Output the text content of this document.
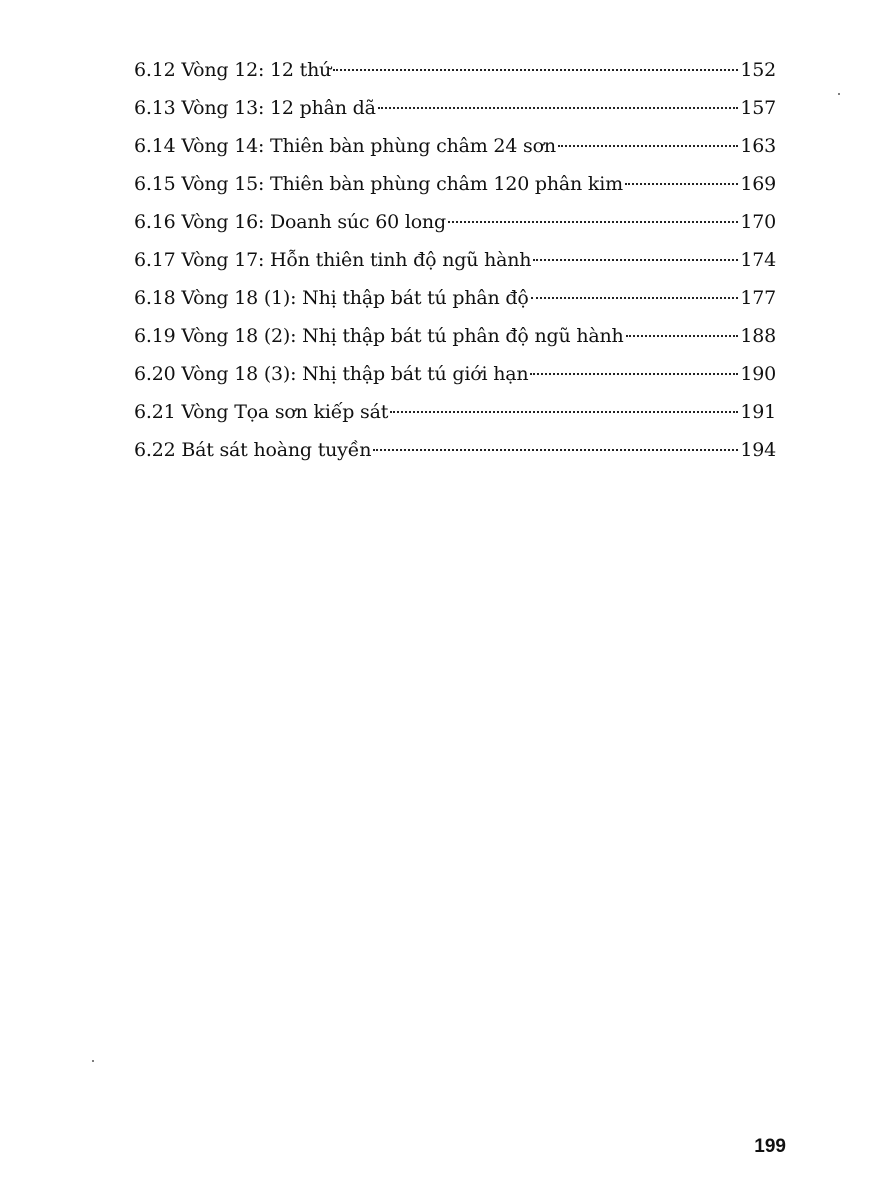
6.12 Vòng 12: 12 thứ	152
6.13 Vòng 13: 12 phân dã	157
6.14 Vòng 14: Thiên bàn phùng châm 24 sơn	163
6.15 Vòng 15: Thiên bàn phùng châm 120 phân kim	169
6.16 Vòng 16: Doanh súc 60 long	170
6.17 Vòng 17: Hỗn thiên tinh độ ngũ hành	174
6.18 Vòng 18 (1): Nhị thập bát tú phân độ	177
6.19 Vòng 18 (2): Nhị thập bát tú phân độ ngũ hành	188
6.20 Vòng 18 (3): Nhị thập bát tú giới hạn	190
6.21 Vòng Tọa sơn kiếp sát	191
6.22 Bát sát hoàng tuyền	194
199
